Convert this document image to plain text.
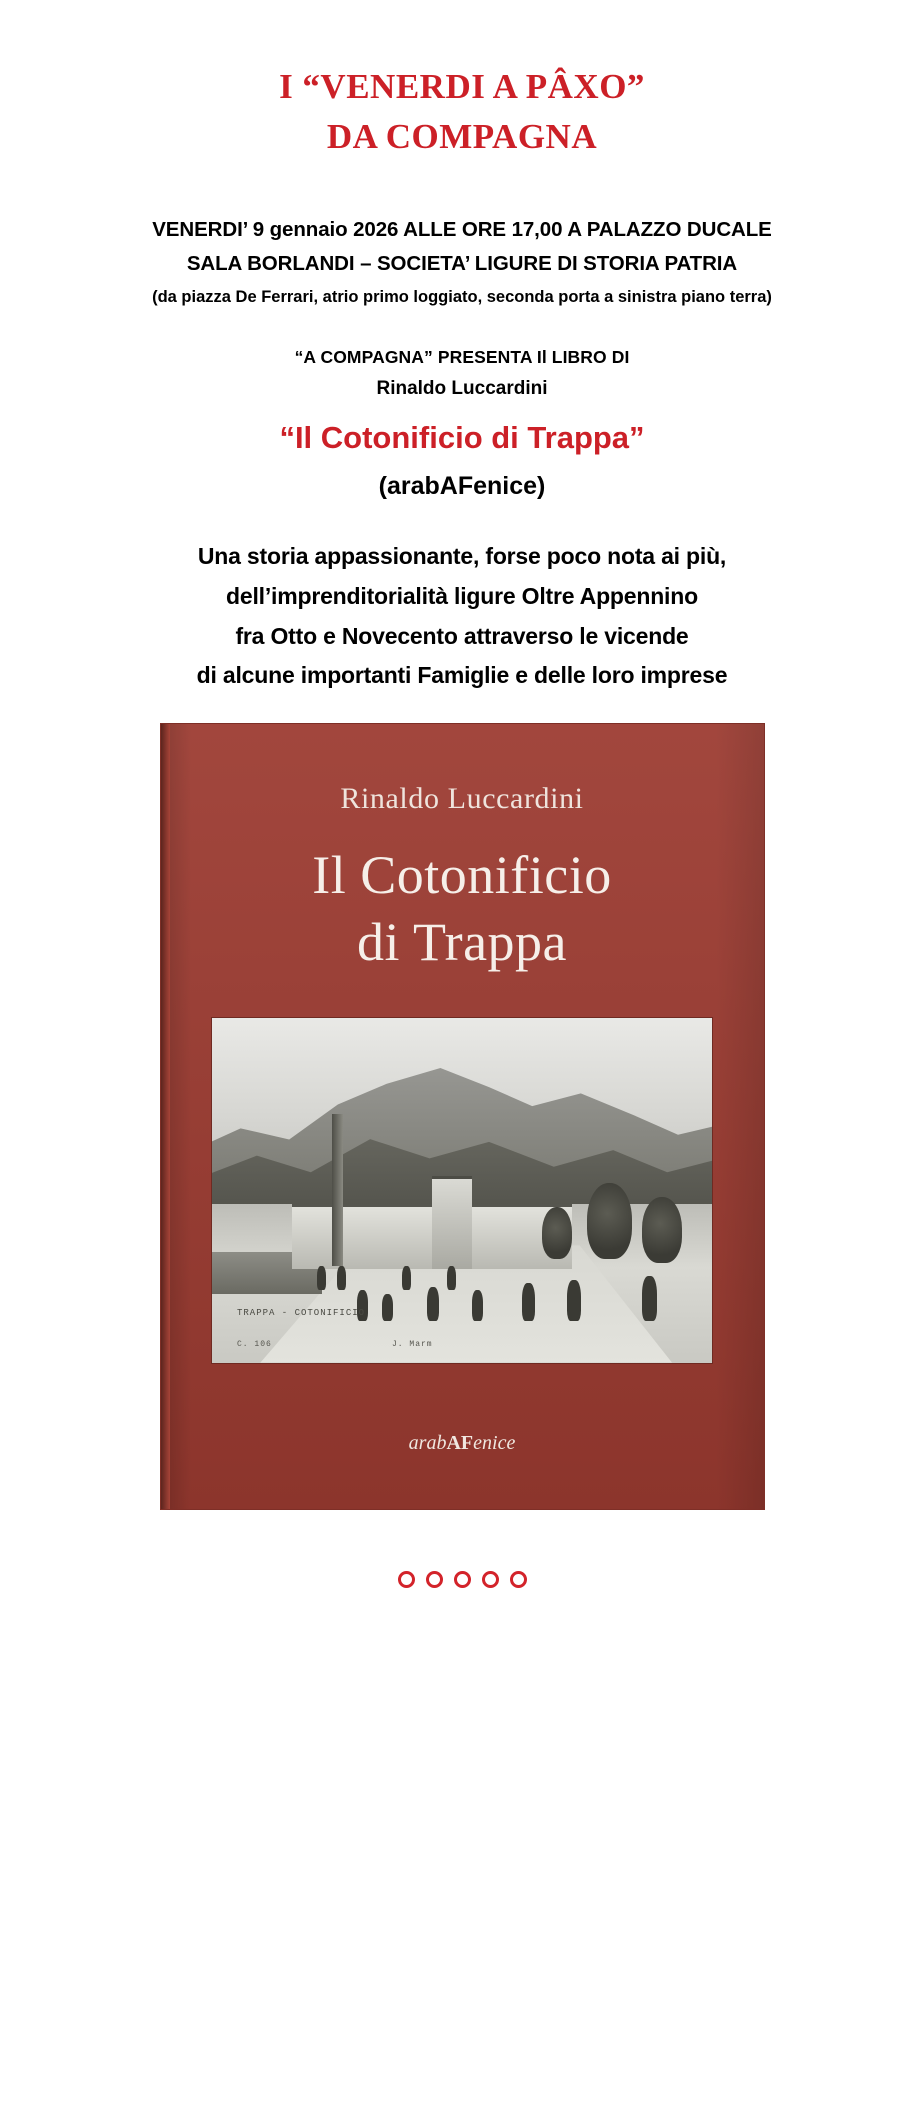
I “VENERDI A PÂXO”
DA COMPAGNA
VENERDI’ 9 gennaio 2026 ALLE ORE 17,00 A PALAZZO DUCALE
SALA BORLANDI – SOCIETA’ LIGURE DI STORIA PATRIA
(da piazza De Ferrari, atrio primo loggiato, seconda porta a sinistra piano terra)
“A COMPAGNA” PRESENTA Il LIBRO DI
Rinaldo Luccardini
“Il Cotonificio di Trappa”
(arabAFenice)
Una storia appassionante, forse poco nota ai più,
dell’imprenditorialità ligure Oltre Appennino
fra Otto e Novecento attraverso le vicende
di alcune importanti Famiglie e delle loro imprese
Rinaldo Luccardini
Il Cotonificio
di Trappa
TRAPPA - COTONIFICIO
C. 106	J. Marm
arabAFenice
